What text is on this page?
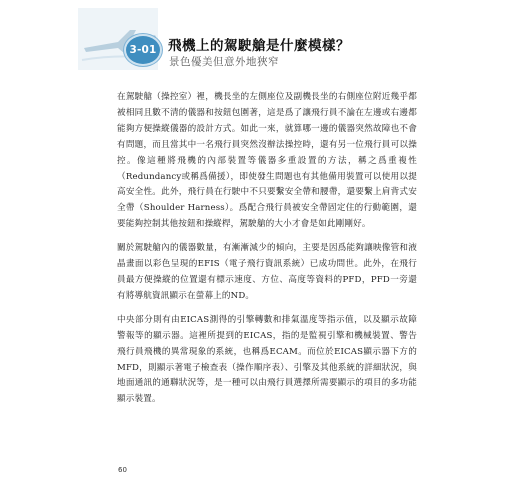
3-01 飛機上的駕駛艙是什麼模樣？
景色優美但意外地狹窄

在駕駛艙（操控室）裡，機長坐的左側座位及副機長坐的右側座位附近幾乎都被相同且數不清的儀器和按鈕包圍著，這是爲了讓飛行員不論在左邊或右邊都能夠方便操縱儀器的設計方式。如此一來，就算哪一邊的儀器突然故障也不會有問題，而且當其中一名飛行員突然沒辦法操控時，還有另一位飛行員可以操控。像這種將飛機的內部裝置等儀器多重設置的方法，稱之爲重複性（Redundancy或稱爲備援），即使發生問題也有其他備用裝置可以使用以提高安全性。此外，飛行員在行駛中不只要繫安全帶和腰帶，還要繫上肩背式安全帶（Shoulder Harness）。爲配合飛行員被安全帶固定住的行動範圍，還要能夠控制其他按鈕和操縱桿，駕駛艙的大小才會是如此剛剛好。

關於駕駛艙內的儀器數量，有漸漸減少的傾向，主要是因爲能夠讓映像管和液晶畫面以彩色呈現的EFIS（電子飛行資訊系統）已成功問世。此外，在飛行員最方便操縱的位置還有標示速度、方位、高度等資料的PFD，PFD一旁還有將導航資訊顯示在螢幕上的ND。

中央部分則有由EICAS測得的引擎轉數和排氣溫度等指示值，以及顯示故障警報等的顯示器。這裡所提到的EICAS，指的是監視引擎和機械裝置、警告飛行員飛機的異常現象的系統，也稱爲ECAM。而位於EICAS顯示器下方的MFD，則顯示著電子檢查表（操作順序表）、引擎及其他系統的詳細狀況，與地面通訊的通聯狀況等，是一種可以由飛行員選擇所需要顯示的項目的多功能顯示裝置。

60
